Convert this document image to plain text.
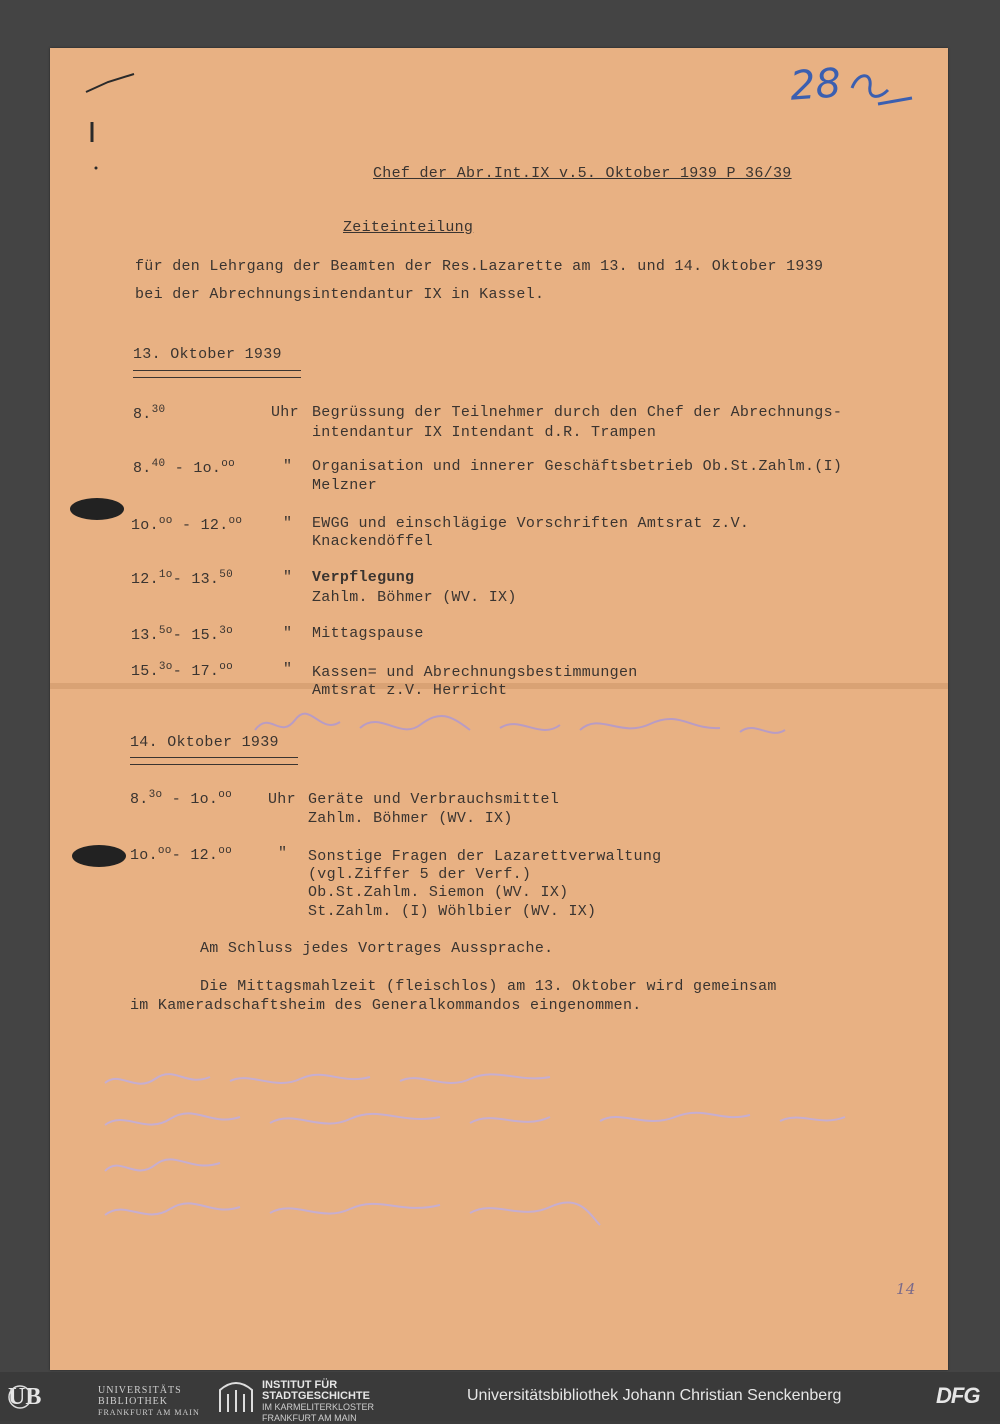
28
Chef der Abr.Int.IX v.5. Oktober 1939 P 36/39
Zeiteinteilung
für den Lehrgang der Beamten der Res.Lazarette am 13. und 14. Oktober 1939
bei der Abrechnungsintendantur IX in Kassel.
13. Oktober 1939
8.30	Uhr Begrüssung der Teilnehmer durch den Chef der Abrechnungs-
intendantur IX Intendant d.R. Trampen
8.40 - 1o.$^{oo}$	" Organisation und innerer Geschäftsbetrieb Ob.St.Zahlm.(I)
Melzner
1o.$^{oo}$ - 12.$^{oo}$	" EWGG und einschlägige Vorschriften Amtsrat z.V.
Knackendöffel
12.$^{1o}$- 13.50	" Verpflegung
Zahlm. Böhmer (WV. IX)
13.$^{5o}$- 15.$^{3o}$	" Mittagspause
15.$^{3o}$- 17.$^{oo}$	" Kassen= und Abrechnungsbestimmungen
Amtsrat z.V. Herricht
14. Oktober 1939
8.$^{3o}$ - 1o.$^{oo}$ Uhr Geräte und Verbrauchsmittel
Zahlm. Böhmer (WV. IX)
1o.$^{oo}$- 12.$^{oo}$	" Sonstige Fragen der Lazarettverwaltung
(vgl.Ziffer 5 der Verf.)
Ob.St.Zahlm. Siemon (WV. IX)
St.Zahlm. (I) Wöhlbier (WV. IX)
Am Schluss jedes Vortrages Aussprache.
Die Mittagsmahlzeit (fleischlos) am 13. Oktober wird gemeinsam
im Kameradschaftsheim des Generalkommandos eingenommen.
14
UB	UNIVERSITÄTS
BIBLIOTHEK
FRANKFURT AM MAIN
INSTITUT FÜR
STADTGESCHICHTE
IM KARMELITERKLOSTER
FRANKFURT AM MAIN
Universitätsbibliothek Johann Christian Senckenberg	DFG
